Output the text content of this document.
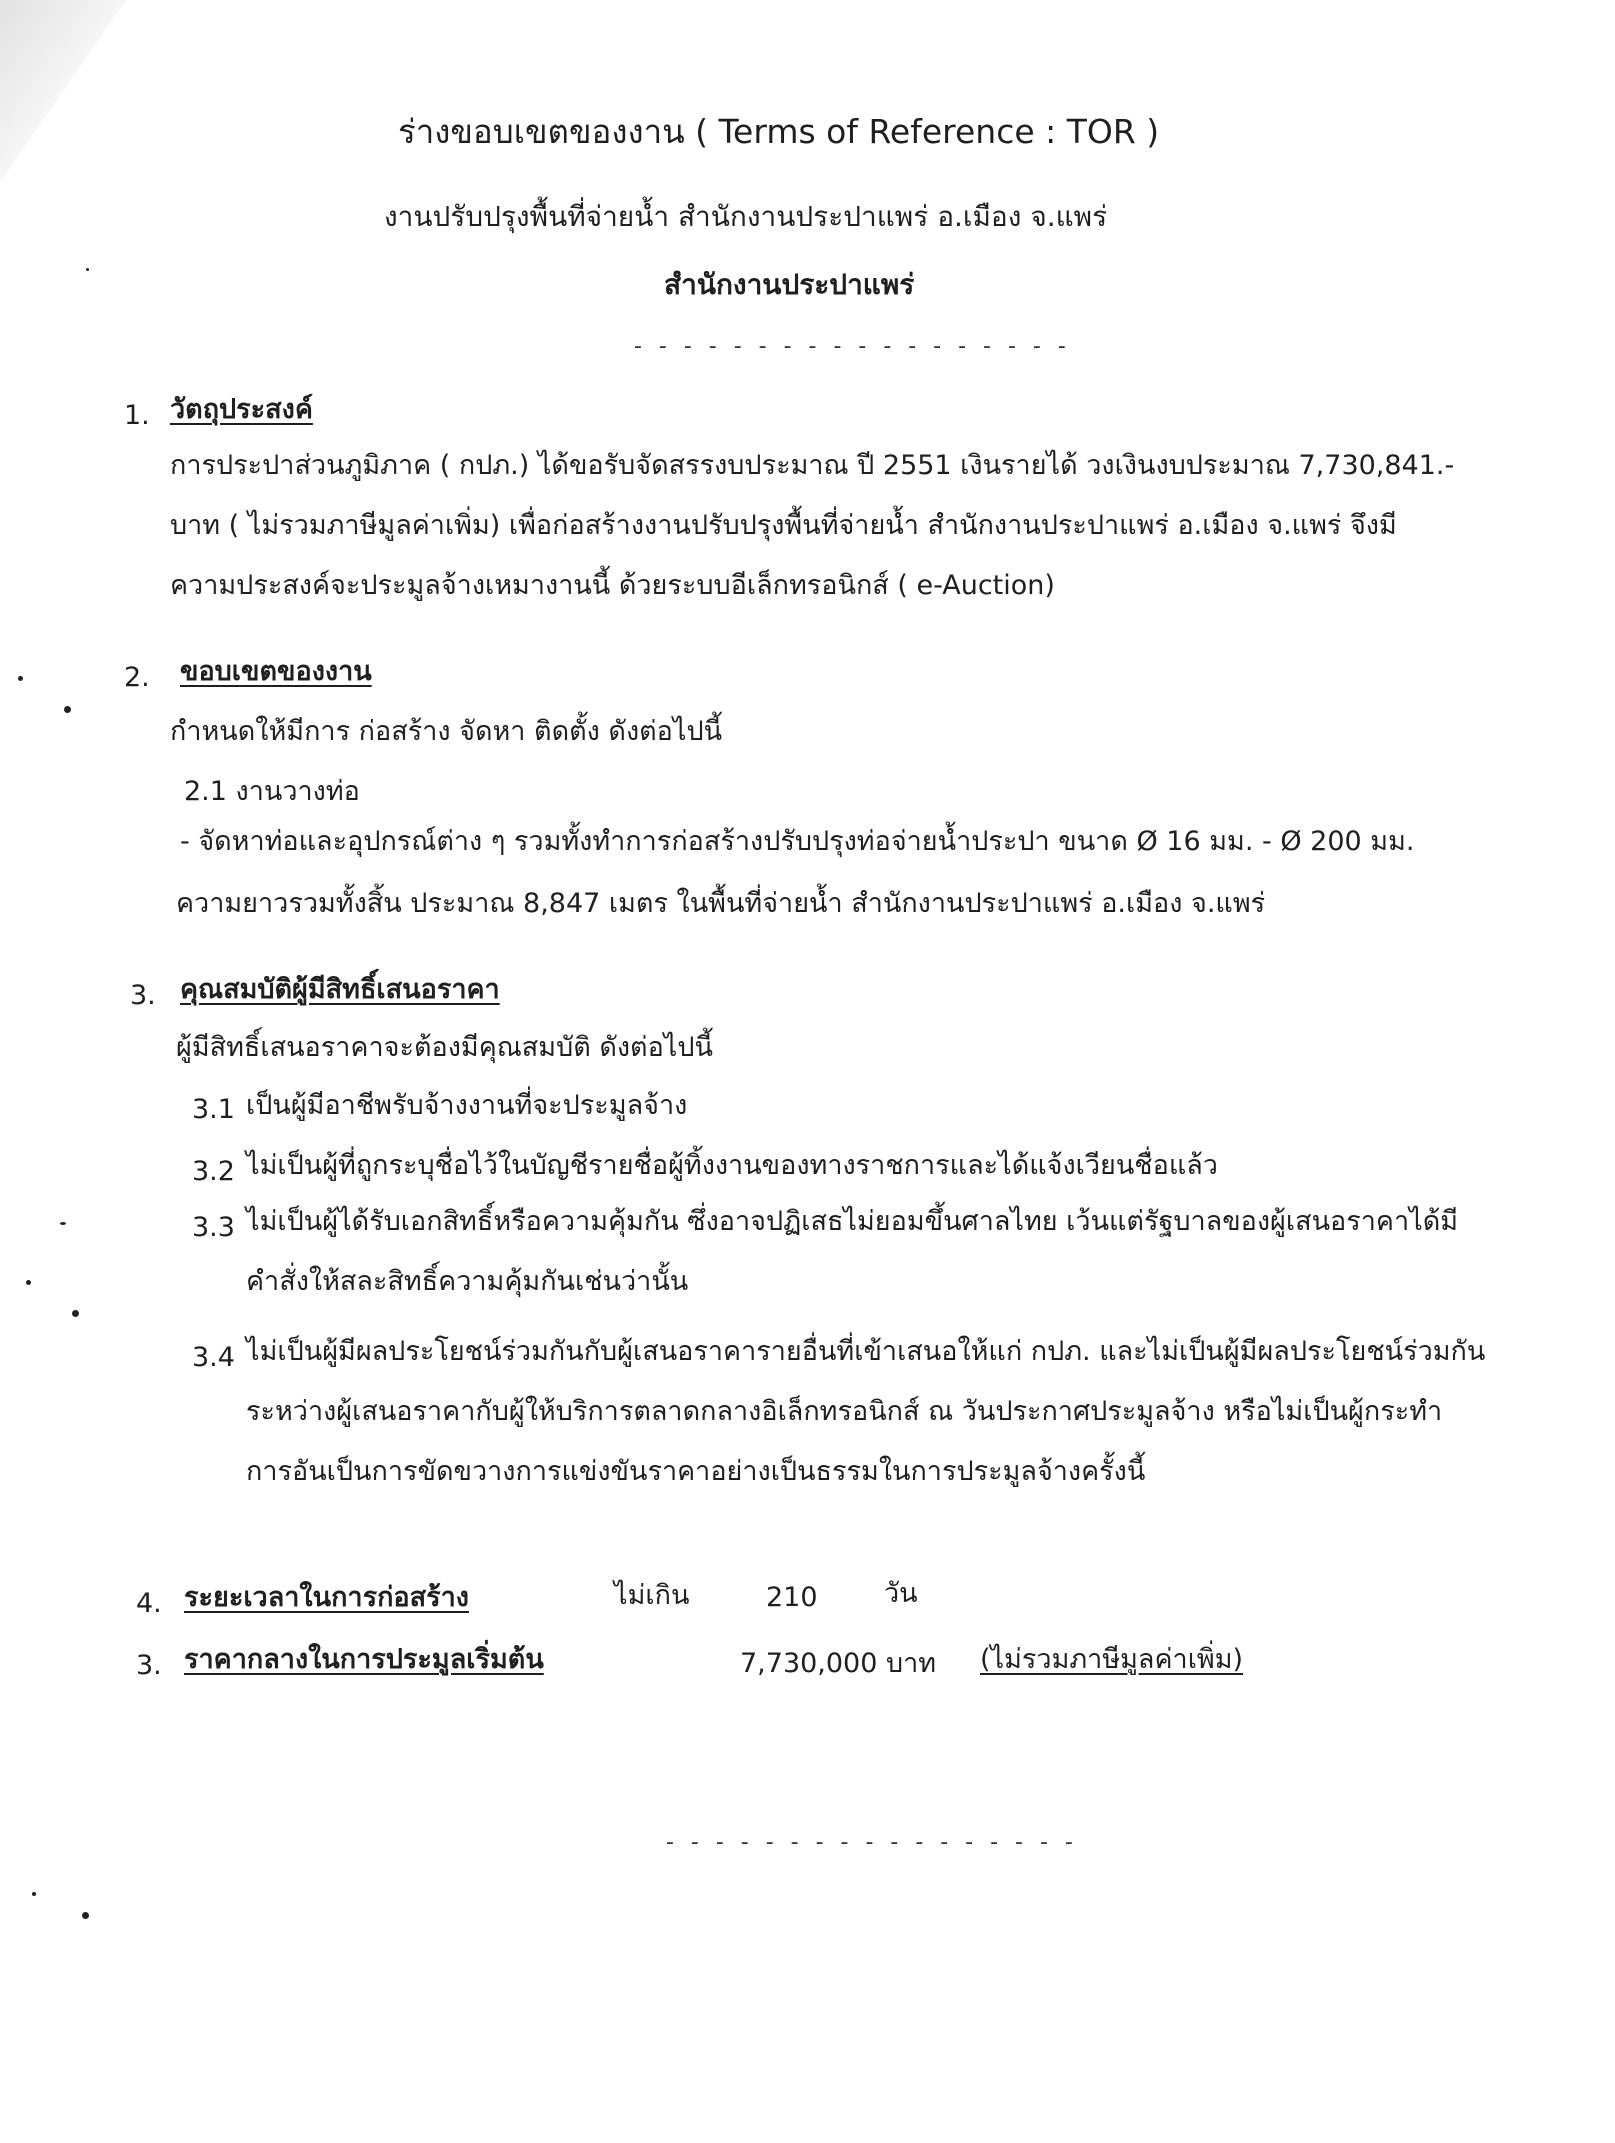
ร่างขอบเขตของงาน ( Terms of Reference : TOR )
งานปรับปรุงพื้นที่จ่ายน้ำ สำนักงานประปาแพร่ อ.เมือง จ.แพร่
สำนักงานประปาแพร่
- - - - - - - - - - - - - - - - - -
1. วัตถุประสงค์
การประปาส่วนภูมิภาค ( กปภ.) ได้ขอรับจัดสรรงบประมาณ ปี 2551 เงินรายได้ วงเงินงบประมาณ 7,730,841.-
บาท ( ไม่รวมภาษีมูลค่าเพิ่ม) เพื่อก่อสร้างงานปรับปรุงพื้นที่จ่ายน้ำ สำนักงานประปาแพร่ อ.เมือง จ.แพร่ จึงมี
ความประสงค์จะประมูลจ้างเหมางานนี้ ด้วยระบบอีเล็กทรอนิกส์ ( e-Auction)
2. ขอบเขตของงาน
กำหนดให้มีการ ก่อสร้าง จัดหา ติดตั้ง ดังต่อไปนี้
2.1 งานวางท่อ
- จัดหาท่อและอุปกรณ์ต่าง ๆ รวมทั้งทำการก่อสร้างปรับปรุงท่อจ่ายน้ำประปา ขนาด Ø 16 มม. - Ø 200 มม.
ความยาวรวมทั้งสิ้น ประมาณ 8,847 เมตร ในพื้นที่จ่ายน้ำ สำนักงานประปาแพร่ อ.เมือง จ.แพร่
3. คุณสมบัติผู้มีสิทธิ์เสนอราคา
ผู้มีสิทธิ์เสนอราคาจะต้องมีคุณสมบัติ ดังต่อไปนี้
3.1 เป็นผู้มีอาชีพรับจ้างงานที่จะประมูลจ้าง
3.2 ไม่เป็นผู้ที่ถูกระบุชื่อไว้ในบัญชีรายชื่อผู้ทิ้งงานของทางราชการและได้แจ้งเวียนชื่อแล้ว
3.3 ไม่เป็นผู้ได้รับเอกสิทธิ์หรือความคุ้มกัน ซึ่งอาจปฏิเสธไม่ยอมขึ้นศาลไทย เว้นแต่รัฐบาลของผู้เสนอราคาได้มี
คำสั่งให้สละสิทธิ์ความคุ้มกันเช่นว่านั้น
3.4 ไม่เป็นผู้มีผลประโยชน์ร่วมกันกับผู้เสนอราคารายอื่นที่เข้าเสนอให้แก่ กปภ. และไม่เป็นผู้มีผลประโยชน์ร่วมกัน
ระหว่างผู้เสนอราคากับผู้ให้บริการตลาดกลางอิเล็กทรอนิกส์ ณ วันประกาศประมูลจ้าง หรือไม่เป็นผู้กระทำ
การอันเป็นการขัดขวางการแข่งขันราคาอย่างเป็นธรรมในการประมูลจ้างครั้งนี้
4. ระยะเวลาในการก่อสร้าง	ไม่เกิน	210 วัน
3. ราคากลางในการประมูลเริ่มต้น	7,730,000 บาท (ไม่รวมภาษีมูลค่าเพิ่ม)
- - - - - - - - - - - - - - - - -
